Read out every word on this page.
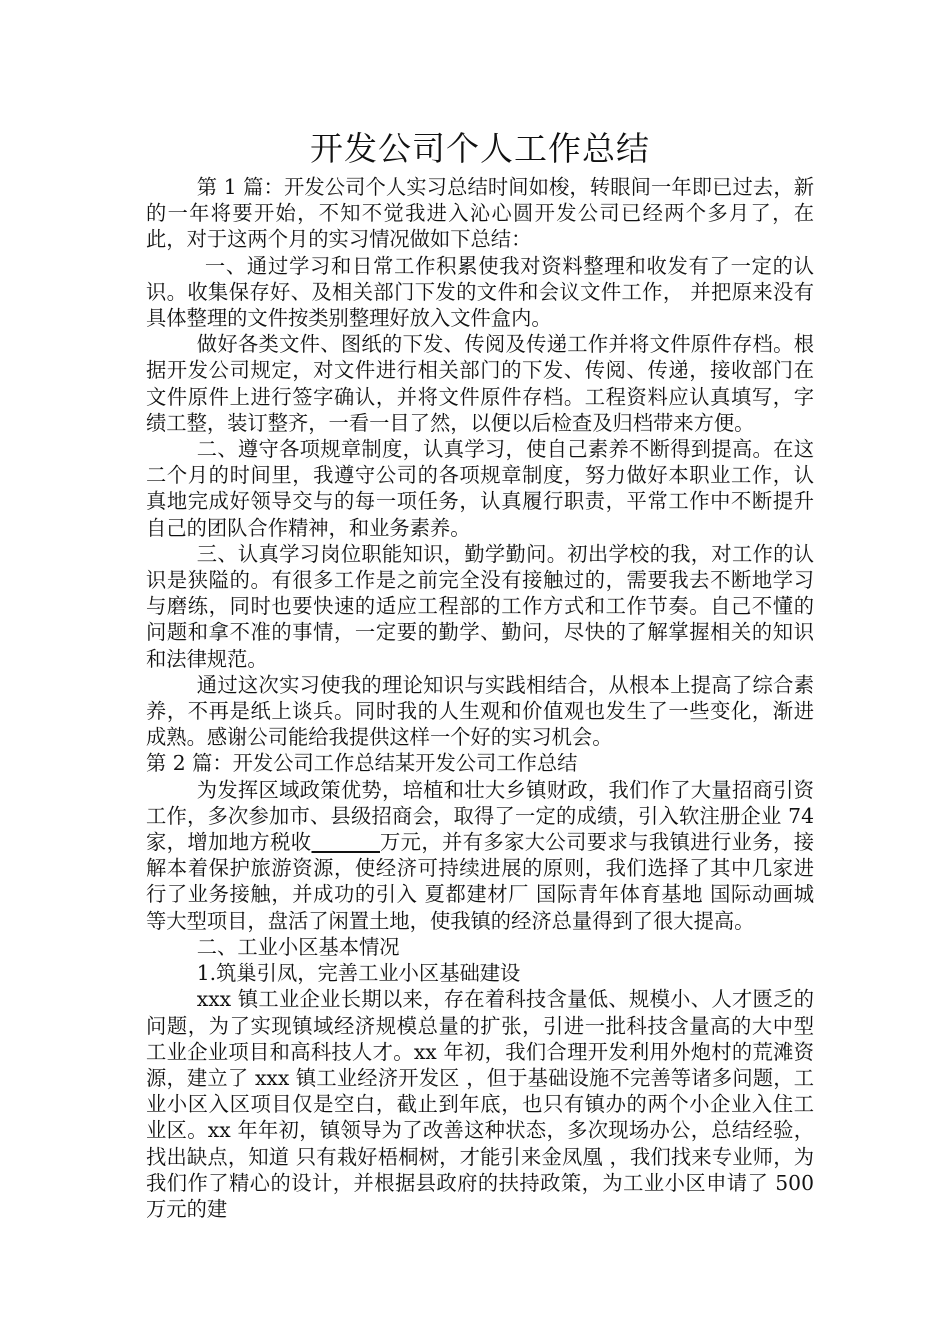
开发公司个人工作总结

第 1 篇：开发公司个人实习总结时间如梭，转眼间一年即已过去，新的一年将要开始，不知不觉我进入沁心圆开发公司已经两个多月了，在此，对于这两个月的实习情况做如下总结：

一、通过学习和日常工作积累使我对资料整理和收发有了一定的认识。收集保存好、及相关部门下发的文件和会议文件工作， 并把原来没有具体整理的文件按类别整理好放入文件盒内。

做好各类文件、图纸的下发、传阅及传递工作并将文件原件存档。根据开发公司规定，对文件进行相关部门的下发、传阅、传递，接收部门在文件原件上进行签字确认，并将文件原件存档。工程资料应认真填写，字绩工整，装订整齐，一看一目了然，以便以后检查及归档带来方便。

二、遵守各项规章制度，认真学习，使自己素养不断得到提高。在这二个月的时间里，我遵守公司的各项规章制度，努力做好本职业工作，认真地完成好领导交与的每一项任务，认真履行职责，平常工作中不断提升自己的团队合作精神，和业务素养。

三、认真学习岗位职能知识，勤学勤问。初出学校的我，对工作的认识是狭隘的。有很多工作是之前完全没有接触过的，需要我去不断地学习与磨练，同时也要快速的适应工程部的工作方式和工作节奏。自己不懂的问题和拿不准的事情，一定要的勤学、勤问，尽快的了解掌握相关的知识和法律规范。

通过这次实习使我的理论知识与实践相结合，从根本上提高了综合素养，不再是纸上谈兵。同时我的人生观和价值观也发生了一些变化，渐进成熟。感谢公司能给我提供这样一个好的实习机会。

第 2 篇：开发公司工作总结某开发公司工作总结

为发挥区域政策优势，培植和壮大乡镇财政，我们作了大量招商引资工作，多次参加市、县级招商会，取得了一定的成绩，引入软注册企业 74 家，增加地方税收	万元，并有多家大公司要求与我镇进行业务，接解本着保护旅游资源，使经济可持续进展的原则，我们选择了其中几家进行了业务接触，并成功的引入 夏都建材厂 国际青年体育基地 国际动画城 等大型项目，盘活了闲置土地，使我镇的经济总量得到了很大提高。

二、工业小区基本情况

1.筑巢引凤，完善工业小区基础建设

xxx 镇工业企业长期以来，存在着科技含量低、规模小、人才匮乏的问题，为了实现镇域经济规模总量的扩张，引进一批科技含量高的大中型工业企业项目和高科技人才。xx 年初，我们合理开发利用外炮村的荒滩资源，建立了 xxx 镇工业经济开发区 ，但于基础设施不完善等诸多问题，工业小区入区项目仅是空白，截止到年底，也只有镇办的两个小企业入住工业区。xx 年年初，镇领导为了改善这种状态，多次现场办公，总结经验，找出缺点，知道 只有栽好梧桐树，才能引来金凤凰 ，我们找来专业师，为我们作了精心的设计，并根据县政府的扶持政策，为工业小区申请了 500 万元的建
